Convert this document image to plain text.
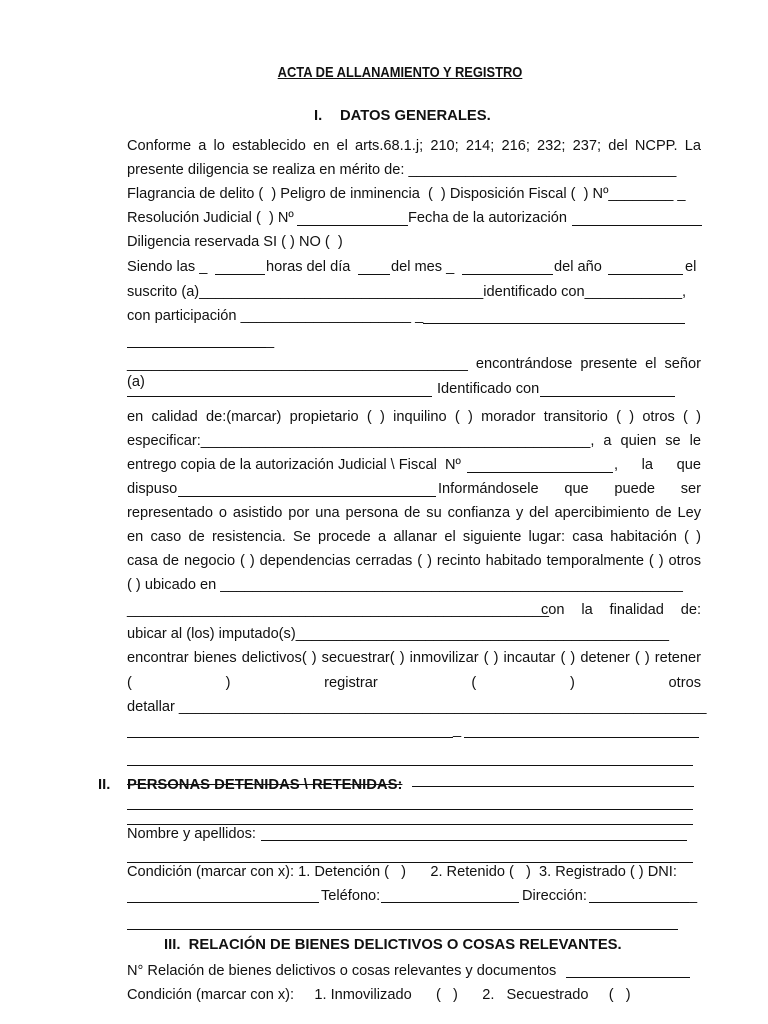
ACTA DE ALLANAMIENTO Y REGISTRO
I. DATOS GENERALES.
Conforme a lo establecido en el arts.68.1.j; 210; 214; 216; 232; 237; del NCPP. La
presente diligencia se realiza en mérito de: _________________________________
Flagrancia de delito (  ) Peligro de inminencia  (  ) Disposición Fiscal (  ) Nº________ _
Resolución Judicial (  ) Nº	Fecha de la autorización
Diligencia reservada SI ( ) NO (  )
Siendo las _	horas del día	del mes _	del año	el
suscrito (a)___________________________________identificado con____________,
con participación _____________________ _
_
__________________________________________ encontrándose presente el señor (a)	Identificado con
en calidad de:(marcar) propietario ( ) inquilino ( ) morador transitorio ( ) otros ( )
especificar:________________________________________________, a quien se le
entrego copia de la autorización Judicial \ Fiscal  Nº	, la que
dispuso	Informándosele que puede ser
representado o asistido por una persona de su confianza y del apercibimiento de Ley
en caso de resistencia. Se procede a allanar el siguiente lugar: casa habitación ( )
casa de negocio ( ) dependencias cerradas ( ) recinto habitado temporalmente ( ) otros
( ) ubicado en _________________________________________________________
____________________________________________________
con la finalidad de:
ubicar al (los) imputado(s)______________________________________________
encontrar bienes delictivos( ) secuestrar( ) inmovilizar ( ) incautar ( ) detener ( ) retener
( ) registrar ( ) otros
detallar _________________________________________________________________
_
II. PERSONAS DETENIDAS \ RETENIDAS:
Nombre y apellidos:
Condición (marcar con x): 1. Detención (   )      2. Retenido (   )  3. Registrado ( ) DNI:
Teléfono:	Dirección:	_
III.  RELACIÓN DE BIENES DELICTIVOS O COSAS RELEVANTES.
N° Relación de bienes delictivos o cosas relevantes y documentos
Condición (marcar con x):     1. Inmovilizado      (   )      2.   Secuestrado     (   )
